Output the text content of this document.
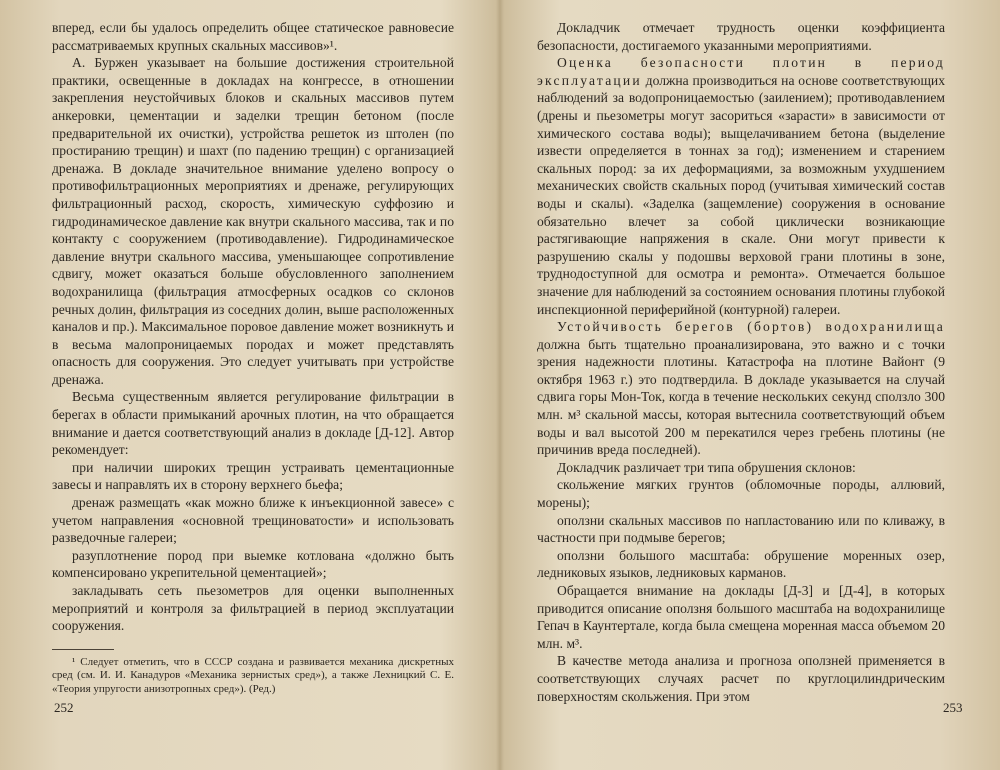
вперед, если бы удалось определить общее статическое равновесие рассматриваемых крупных скальных массивов»¹.

А. Буржен указывает на большие достижения строительной практики, освещенные в докладах на конгрессе, в отношении закрепления неустойчивых блоков и скальных массивов путем анкеровки, цементации и заделки трещин бетоном (после предварительной их очистки), устройства решеток из штолен (по простиранию трещин) и шахт (по падению трещин) с организацией дренажа. В докладе значительное внимание уделено вопросу о противофильтрационных мероприятиях и дренаже, регулирующих фильтрационный расход, скорость, химическую суффозию и гидродинамическое давление как внутри скального массива, так и по контакту с сооружением (противодавление). Гидродинамическое давление внутри скального массива, уменьшающее сопротивление сдвигу, может оказаться больше обусловленного заполнением водохранилища (фильтрация атмосферных осадков со склонов речных долин, фильтрация из соседних долин, выше расположенных каналов и пр.). Максимальное поровое давление может возникнуть и в весьма малопроницаемых породах и может представлять опасность для сооружения. Это следует учитывать при устройстве дренажа.

Весьма существенным является регулирование фильтрации в берегах в области примыканий арочных плотин, на что обращается внимание и дается соответствующий анализ в докладе [Д-12]. Автор рекомендует:

при наличии широких трещин устраивать цементационные завесы и направлять их в сторону верхнего бьефа;

дренаж размещать «как можно ближе к инъекционной завесе» с учетом направления «основной трещиноватости» и использовать разведочные галереи;

разуплотнение пород при выемке котлована «должно быть компенсировано укрепительной цементацией»;

закладывать сеть пьезометров для оценки выполненных мероприятий и контроля за фильтрацией в период эксплуатации сооружения.

¹ Следует отметить, что в СССР создана и развивается механика дискретных сред (см. И. И. Канадуров «Механика зернистых сред»), а также Лехницкий С. Е. «Теория упругости анизотропных сред»). (Ред.)

252

Докладчик отмечает трудность оценки коэффициента безопасности, достигаемого указанными мероприятиями.

Оценка безопасности плотин в период эксплуатации должна производиться на основе соответствующих наблюдений за водопроницаемостью (заилением); противодавлением (дрены и пьезометры могут засориться «зарасти» в зависимости от химического состава воды); выщелачиванием бетона (выделение извести определяется в тоннах за год); изменением и старением скальных пород: за их деформациями, за возможным ухудшением механических свойств скальных пород (учитывая химический состав воды и скалы). «Заделка (защемление) сооружения в основание обязательно влечет за собой циклически возникающие растягивающие напряжения в скале. Они могут привести к разрушению скалы у подошвы верховой грани плотины в зоне, труднодоступной для осмотра и ремонта». Отмечается большое значение для наблюдений за состоянием основания плотины глубокой инспекционной периферийной (контурной) галереи.

Устойчивость берегов (бортов) водохранилища должна быть тщательно проанализирована, это важно и с точки зрения надежности плотины. Катастрофа на плотине Вайонт (9 октября 1963 г.) это подтвердила. В докладе указывается на случай сдвига горы Мон-Ток, когда в течение нескольких секунд сползло 300 млн. м³ скальной массы, которая вытеснила соответствующий объем воды и вал высотой 200 м перекатился через гребень плотины (не причинив вреда последней).

Докладчик различает три типа обрушения склонов:

скольжение мягких грунтов (обломочные породы, аллювий, морены);

оползни скальных массивов по напластованию или по кливажу, в частности при подмыве берегов;

оползни большого масштаба: обрушение моренных озер, ледниковых языков, ледниковых карманов.

Обращается внимание на доклады [Д-3] и [Д-4], в которых приводится описание оползня большого масштаба на водохранилище Гепач в Каунтертале, когда была смещена моренная масса объемом 20 млн. м³.

В качестве метода анализа и прогноза оползней применяется в соответствующих случаях расчет по круглоцилиндрическим поверхностям скольжения. При этом

253
